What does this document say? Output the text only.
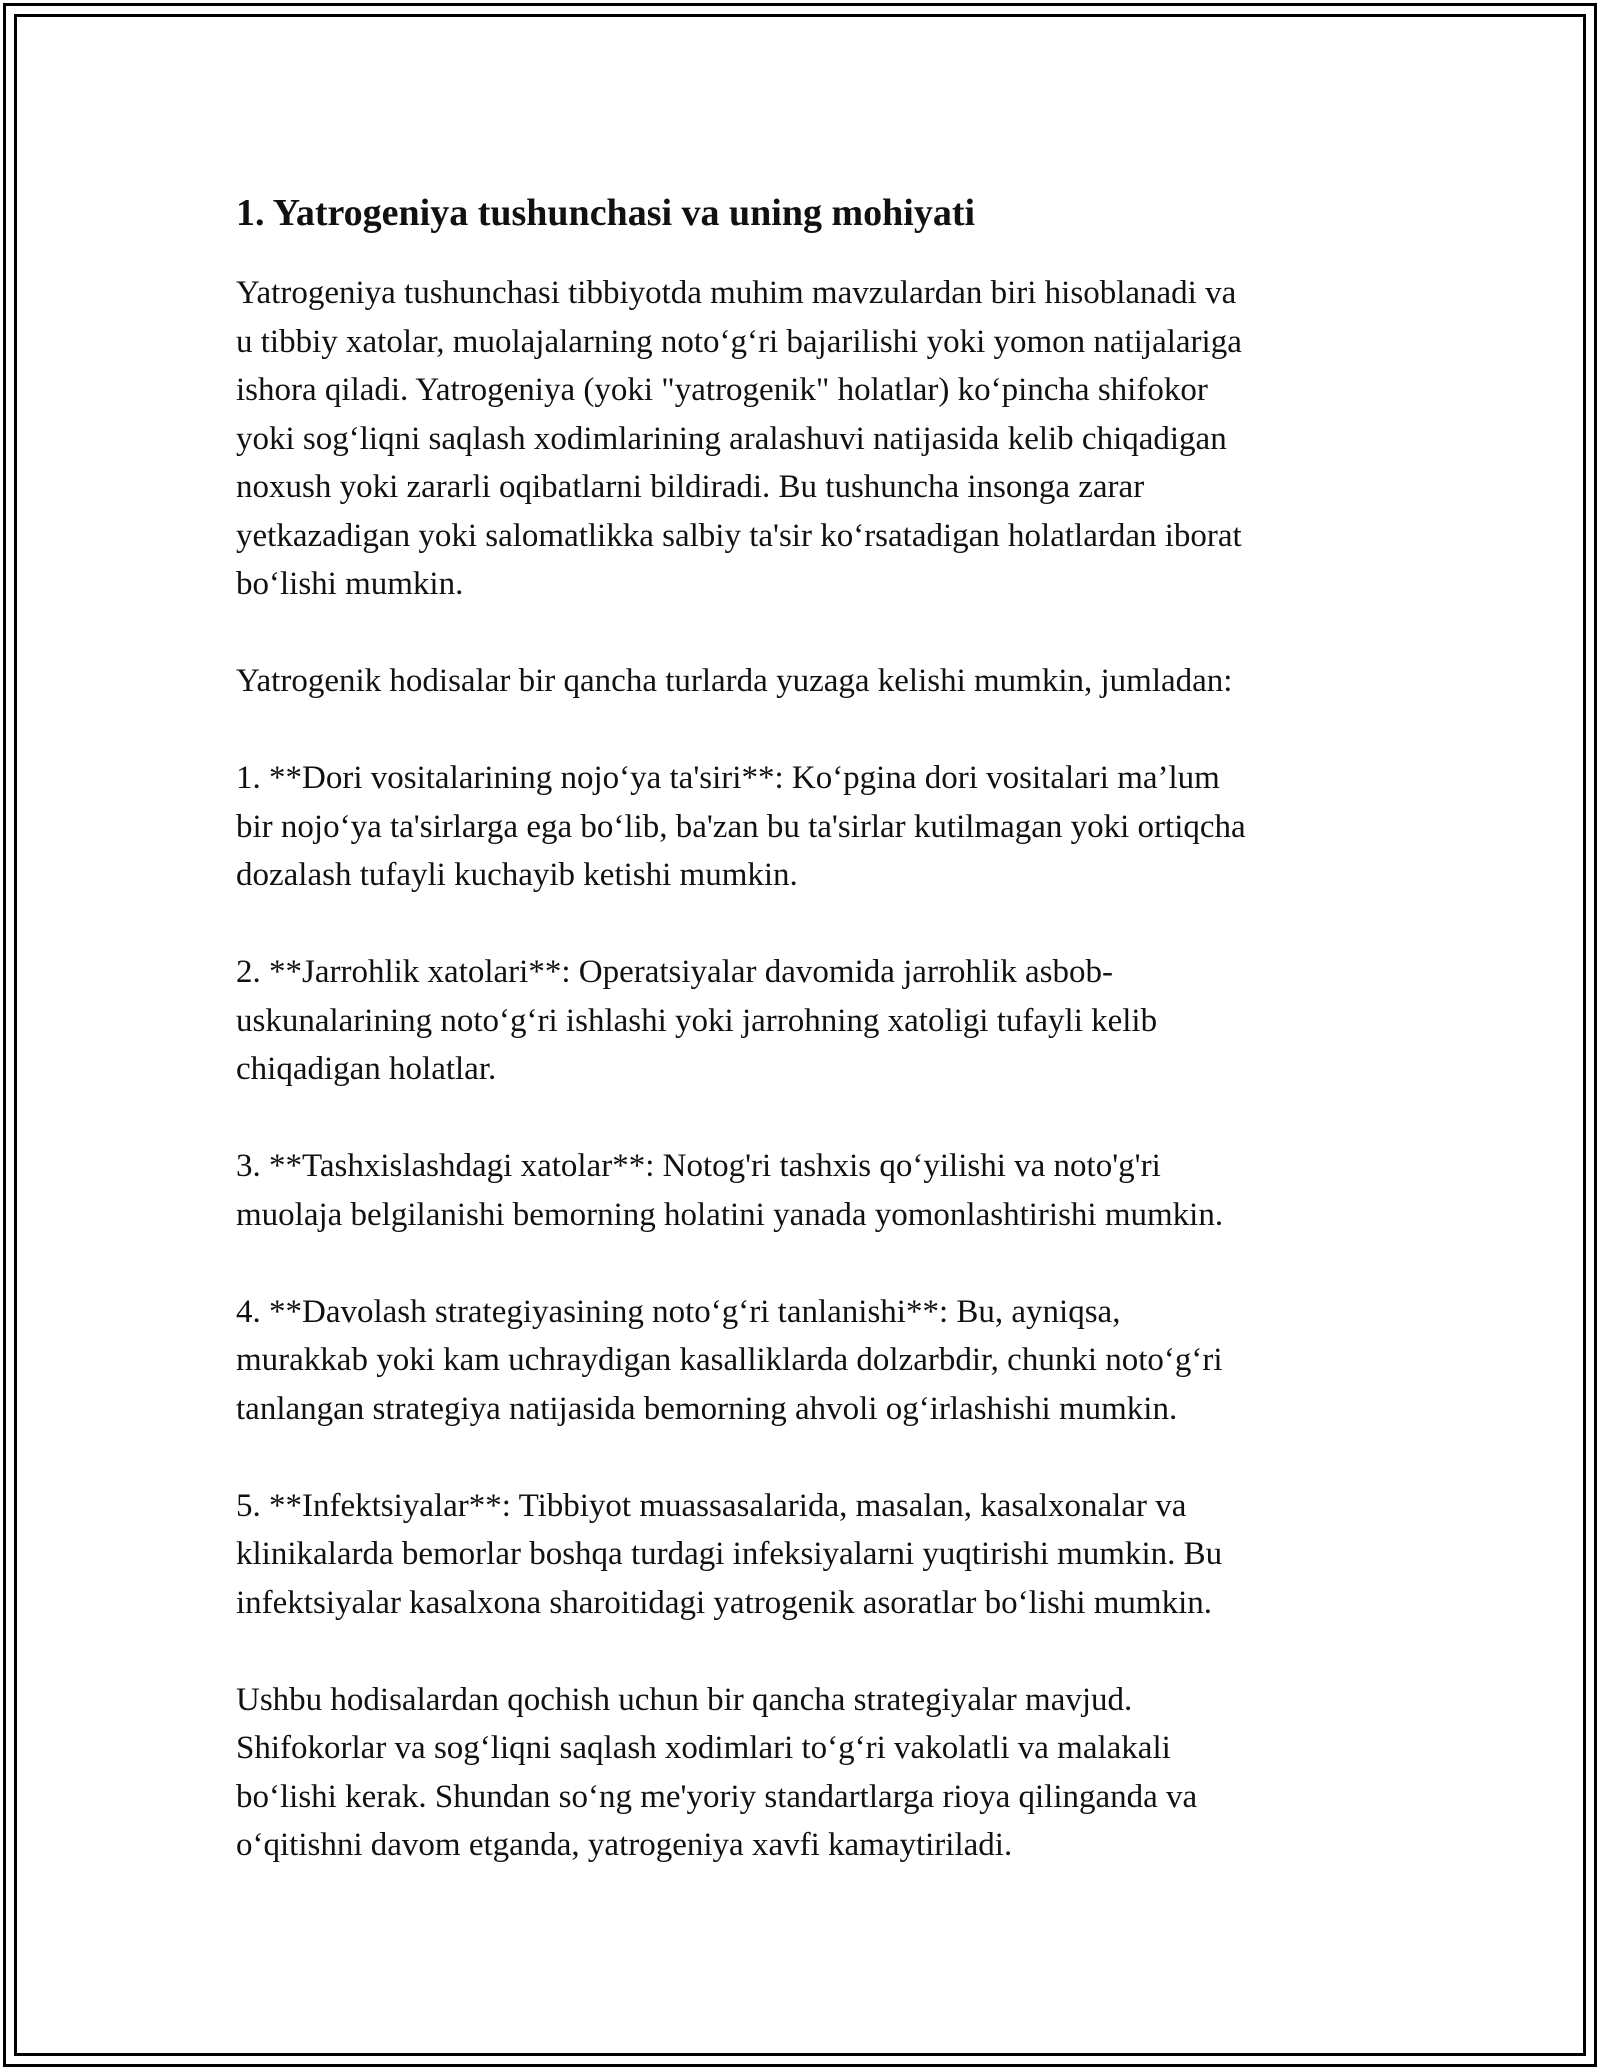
1. Yatrogeniya tushunchasi va uning mohiyati

Yatrogeniya tushunchasi tibbiyotda muhim mavzulardan biri hisoblanadi va
u tibbiy xatolar, muolajalarning noto‘g‘ri bajarilishi yoki yomon natijalariga
ishora qiladi. Yatrogeniya (yoki "yatrogenik" holatlar) ko‘pincha shifokor
yoki sog‘liqni saqlash xodimlarining aralashuvi natijasida kelib chiqadigan
noxush yoki zararli oqibatlarni bildiradi. Bu tushuncha insonga zarar
yetkazadigan yoki salomatlikka salbiy ta'sir ko‘rsatadigan holatlardan iborat
bo‘lishi mumkin.

Yatrogenik hodisalar bir qancha turlarda yuzaga kelishi mumkin, jumladan:

1. **Dori vositalarining nojo‘ya ta'siri**: Ko‘pgina dori vositalari ma’lum
bir nojo‘ya ta'sirlarga ega bo‘lib, ba'zan bu ta'sirlar kutilmagan yoki ortiqcha
dozalash tufayli kuchayib ketishi mumkin.

2. **Jarrohlik xatolari**: Operatsiyalar davomida jarrohlik asbob-
uskunalarining noto‘g‘ri ishlashi yoki jarrohning xatoligi tufayli kelib
chiqadigan holatlar.

3. **Tashxislashdagi xatolar**: Notog'ri tashxis qo‘yilishi va noto'g'ri
muolaja belgilanishi bemorning holatini yanada yomonlashtirishi mumkin.

4. **Davolash strategiyasining noto‘g‘ri tanlanishi**: Bu, ayniqsa,
murakkab yoki kam uchraydigan kasalliklarda dolzarbdir, chunki noto‘g‘ri
tanlangan strategiya natijasida bemorning ahvoli og‘irlashishi mumkin.

5. **Infektsiyalar**: Tibbiyot muassasalarida, masalan, kasalxonalar va
klinikalarda bemorlar boshqa turdagi infeksiyalarni yuqtirishi mumkin. Bu
infektsiyalar kasalxona sharoitidagi yatrogenik asoratlar bo‘lishi mumkin.

Ushbu hodisalardan qochish uchun bir qancha strategiyalar mavjud.
Shifokorlar va sog‘liqni saqlash xodimlari to‘g‘ri vakolatli va malakali
bo‘lishi kerak. Shundan so‘ng me'yoriy standartlarga rioya qilinganda va
o‘qitishni davom etganda, yatrogeniya xavfi kamaytiriladi.
